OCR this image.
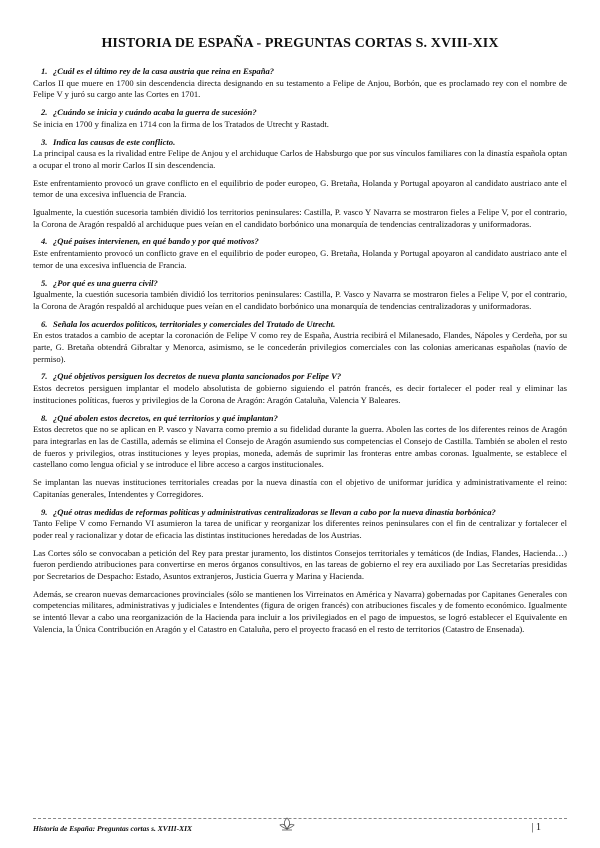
HISTORIA DE ESPAÑA - PREGUNTAS CORTAS S. XVIII-XIX
1. ¿Cuál es el último rey de la casa austria que reina en España?

Carlos II que muere en 1700 sin descendencia directa designando en su testamento a Felipe de Anjou, Borbón, que es proclamado rey con el nombre de Felipe V y juró su cargo ante las Cortes en 1701.

2. ¿Cuándo se inicia y cuándo acaba la guerra de sucesión?

Se inicia en 1700 y finaliza en 1714 con la firma de los Tratados de Utrecht y Rastadt.

3. Indica las causas de este conflicto.

La principal causa es la rivalidad entre Felipe de Anjou y el archiduque Carlos de Habsburgo que por sus vínculos familiares con la dinastía española optan a ocupar el trono al morir Carlos II sin descendencia.

Este enfrentamiento provocó un grave conflicto en el equilibrio de poder europeo, G. Bretaña, Holanda y Portugal apoyaron al candidato austriaco ante el temor de una excesiva influencia de Francia.

Igualmente, la cuestión sucesoria también dividió los territorios peninsulares: Castilla, P. vasco Y Navarra se mostraron fieles a Felipe V, por el contrario, la Corona de Aragón respaldó al archiduque pues veían en el candidato borbónico una monarquía de tendencias centralizadoras y uniformadoras.

4. ¿Qué países intervienen, en qué bando y por qué motivos?

Este enfrentamiento provocó un conflicto grave en el equilibrio de poder europeo, G. Bretaña, Holanda y Portugal apoyaron al candidato austriaco ante el temor de una excesiva influencia de Francia.

5. ¿Por qué es una guerra civil?

Igualmente, la cuestión sucesoria también dividió los territorios peninsulares: Castilla, P. Vasco y Navarra se mostraron fieles a Felipe V, por el contrario, la Corona de Aragón respaldó al archiduque pues veían en el candidato borbónico una monarquía de tendencias centralizadoras y uniformadoras.

6. Señala los acuerdos políticos, territoriales y comerciales del Tratado de Utrecht.

En estos tratados a cambio de aceptar la coronación de Felipe V como rey de España, Austria recibirá el Milanesado, Flandes, Nápoles y Cerdeña, por su parte, G. Bretaña obtendrá Gibraltar y Menorca, asimismo, se le concederán privilegios comerciales con las colonias americanas españolas (navío de permiso).

7. ¿Qué objetivos persiguen los decretos de nueva planta sancionados por Felipe V?

Estos decretos persiguen implantar el modelo absolutista de gobierno siguiendo el patrón francés, es decir fortalecer el poder real y eliminar las instituciones políticas, fueros y privilegios de la Corona de Aragón: Aragón Cataluña, Valencia Y Baleares.

8. ¿Qué abolen estos decretos, en qué territorios y qué implantan?

Estos decretos que no se aplican en P. vasco y Navarra como premio a su fidelidad durante la guerra. Abolen las cortes de los diferentes reinos de Aragón para integrarlas en las de Castilla, además se elimina el Consejo de Aragón asumiendo sus competencias el Consejo de Castilla. También se abolen el resto de fueros y privilegios, otras instituciones y leyes propias, moneda, además de suprimir las fronteras entre ambas coronas. Igualmente, se establece el castellano como lengua oficial y se introduce el libre acceso a cargos institucionales.

Se implantan las nuevas instituciones territoriales creadas por la nueva dinastía con el objetivo de uniformar jurídica y administrativamente el reino: Capitanías generales, Intendentes y Corregidores.

9. ¿Qué otras medidas de reformas políticas y administrativas centralizadoras se llevan a cabo por la nueva dinastía borbónica?

Tanto Felipe V como Fernando VI asumieron la tarea de unificar y reorganizar los diferentes reinos peninsulares con el fin de centralizar y fortalecer el poder real y racionalizar y dotar de eficacia las distintas instituciones heredadas de los Austrias.

Las Cortes sólo se convocaban a petición del Rey para prestar juramento, los distintos Consejos territoriales y temáticos (de Indias, Flandes, Hacienda…) fueron perdiendo atribuciones para convertirse en meros órganos consultivos, en las tareas de gobierno el rey era auxiliado por Las Secretarías presididas por Secretarios de Despacho: Estado, Asuntos extranjeros, Justicia Guerra y Marina y Hacienda.

Además, se crearon nuevas demarcaciones provinciales (sólo se mantienen los Virreinatos en América y Navarra) gobernadas por Capitanes Generales con competencias militares, administrativas y judiciales e Intendentes (figura de origen francés) con atribuciones fiscales y de fomento económico. Igualmente se intentó llevar a cabo una reorganización de la Hacienda para incluir a los privilegiados en el pago de impuestos, se logró establecer el Equivalente en Valencia, la Única Contribución en Aragón y el Catastro en Cataluña, pero el proyecto fracasó en el resto de territorios (Catastro de Ensenada).

Historia de España: Preguntas cortas s. XVIII-XIX	| 1
